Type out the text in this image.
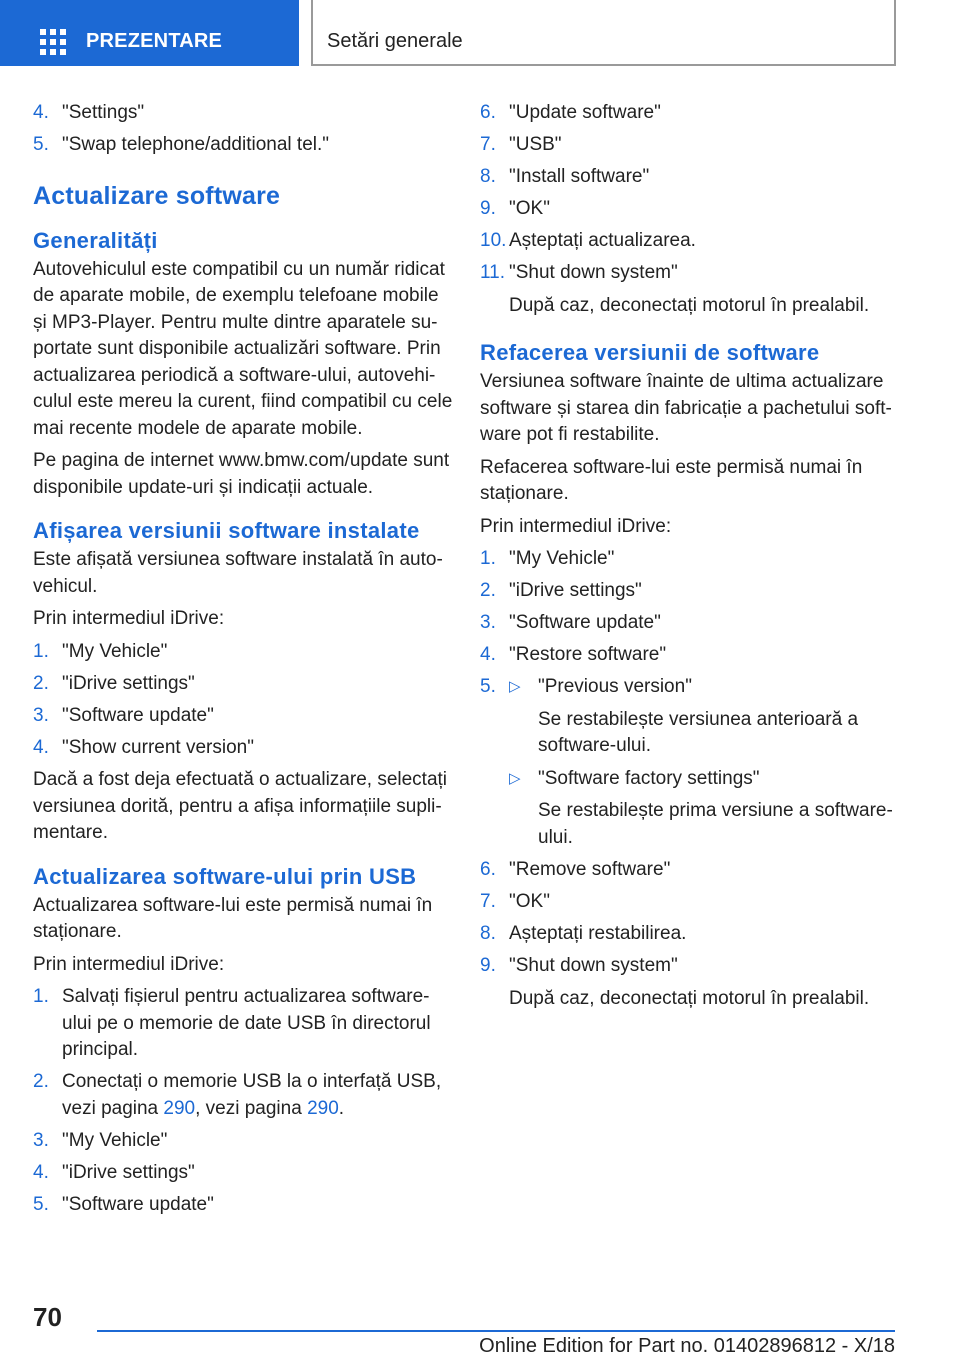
PREZENTARE	Setări generale
4. "Settings"
5. "Swap telephone/additional tel."
Actualizare software
Generalități
Autovehiculul este compatibil cu un număr ridicat de aparate mobile, de exemplu telefoane mobile și MP3-Player. Pentru multe dintre aparatele su‐ portate sunt disponibile actualizări software. Prin actualizarea periodică a software-ului, autovehi‐ culul este mereu la curent, fiind compatibil cu cele mai recente modele de aparate mobile.
Pe pagina de internet www.bmw.com/update sunt disponibile update-uri și indicații actuale.
Afișarea versiunii software instalate
Este afișată versiunea software instalată în auto‐ vehicul.
Prin intermediul iDrive:
1. "My Vehicle"
2. "iDrive settings"
3. "Software update"
4. "Show current version"
Dacă a fost deja efectuată o actualizare, selectați versiunea dorită, pentru a afișa informațiile supli‐ mentare.
Actualizarea software-ului prin USB
Actualizarea software-lui este permisă numai în staționare.
Prin intermediul iDrive:
1. Salvați fișierul pentru actualizarea software- ului pe o memorie de date USB în directorul principal.
2. Conectați o memorie USB la o interfață USB, vezi pagina 290, vezi pagina 290.
3. "My Vehicle"
4. "iDrive settings"
5. "Software update"
6. "Update software"
7. "USB"
8. "Install software"
9. "OK"
10. Așteptați actualizarea.
11. "Shut down system"
După caz, deconectați motorul în prealabil.
Refacerea versiunii de software
Versiunea software înainte de ultima actualizare software și starea din fabricație a pachetului soft‐ ware pot fi restabilite.
Refacerea software-lui este permisă numai în staționare.
Prin intermediul iDrive:
1. "My Vehicle"
2. "iDrive settings"
3. "Software update"
4. "Restore software"
5. ▷ "Previous version"
Se restabilește versiunea anterioară a software-ului.
▷ "Software factory settings"
Se restabilește prima versiune a software- ului.
6. "Remove software"
7. "OK"
8. Așteptați restabilirea.
9. "Shut down system"
După caz, deconectați motorul în prealabil.
70
Online Edition for Part no. 01402896812 - X/18
